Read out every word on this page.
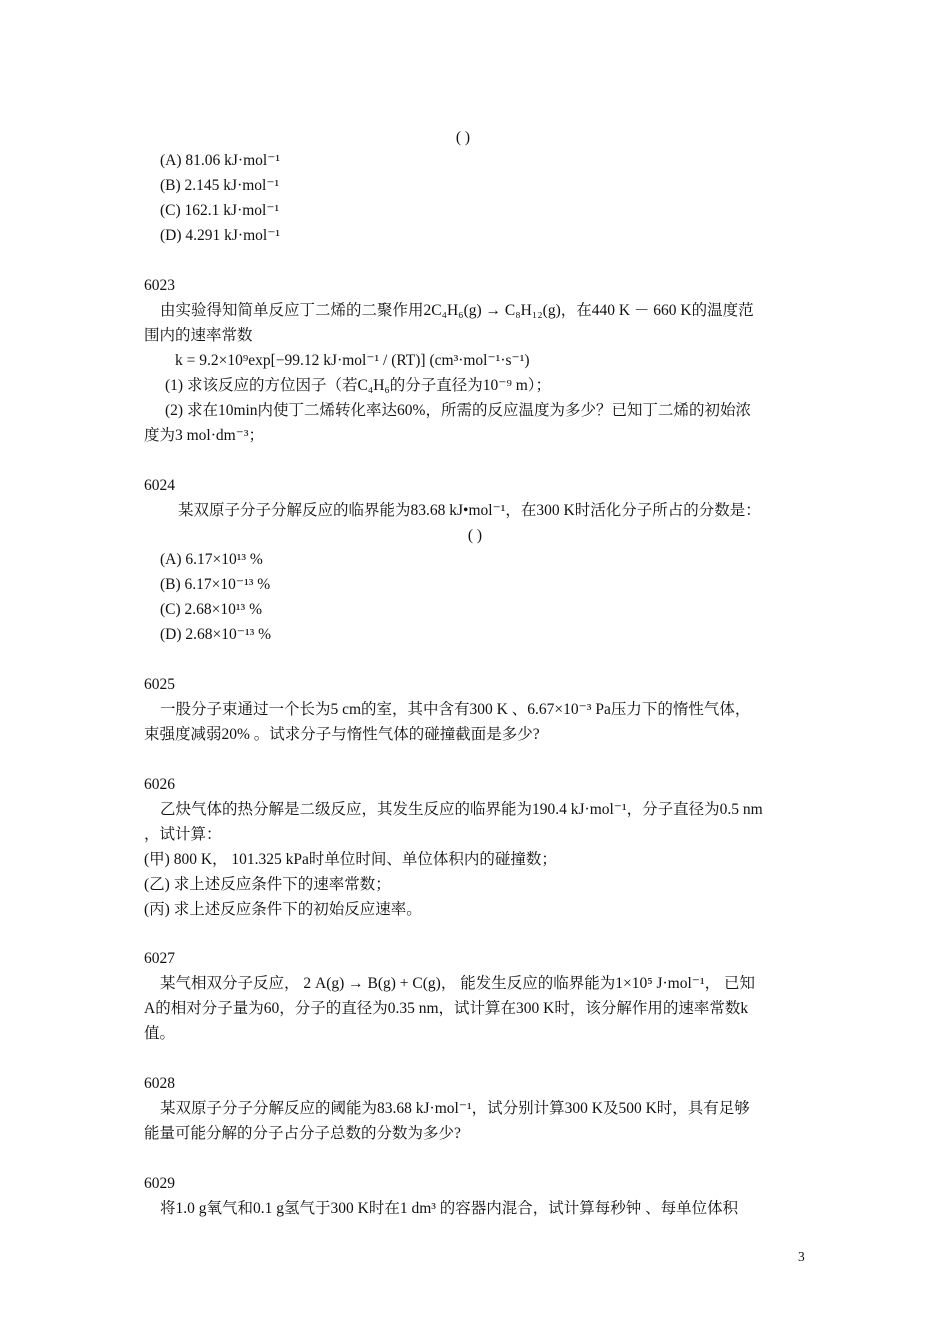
( )
(A) 81.06 kJ·mol⁻¹
(B) 2.145 kJ·mol⁻¹
(C) 162.1 kJ·mol⁻¹
(D) 4.291 kJ·mol⁻¹
6023
由实验得知简单反应丁二烯的二聚作用2C₄H₆(g) → C₈H₁₂(g)，在440 K － 660 K的温度范
围内的速率常数
k = 9.2×10⁹exp[−99.12 kJ·mol⁻¹ / (RT)] (cm³·mol⁻¹·s⁻¹)
(1) 求该反应的方位因子（若C₄H₆的分子直径为10⁻⁹ m）；
(2) 求在10min内使丁二烯转化率达60%，所需的反应温度为多少？已知丁二烯的初始浓
度为3 mol·dm⁻³；
6024
某双原子分子分解反应的临界能为83.68 kJ•mol⁻¹，在300 K时活化分子所占的分数是：
( )
(A) 6.17×10¹³ %
(B) 6.17×10⁻¹³ %
(C) 2.68×10¹³ %
(D) 2.68×10⁻¹³ %
6025
一股分子束通过一个长为5 cm的室，其中含有300 K 、6.67×10⁻³ Pa压力下的惰性气体，
束强度减弱20% 。试求分子与惰性气体的碰撞截面是多少?
6026
乙炔气体的热分解是二级反应，其发生反应的临界能为190.4 kJ·mol⁻¹，分子直径为0.5 nm
，试计算：
(甲) 800 K， 101.325 kPa时单位时间、单位体积内的碰撞数；
(乙) 求上述反应条件下的速率常数；
(丙) 求上述反应条件下的初始反应速率。
6027
某气相双分子反应， 2 A(g) → B(g) + C(g)， 能发生反应的临界能为1×10⁵ J·mol⁻¹， 已知
A的相对分子量为60，分子的直径为0.35 nm，试计算在300 K时，该分解作用的速率常数k
值。
6028
某双原子分子分解反应的阈能为83.68 kJ·mol⁻¹，试分别计算300 K及500 K时，具有足够
能量可能分解的分子占分子总数的分数为多少?
6029
将1.0 g氧气和0.1 g氢气于300 K时在1 dm³ 的容器内混合，试计算每秒钟 、每单位体积
3
